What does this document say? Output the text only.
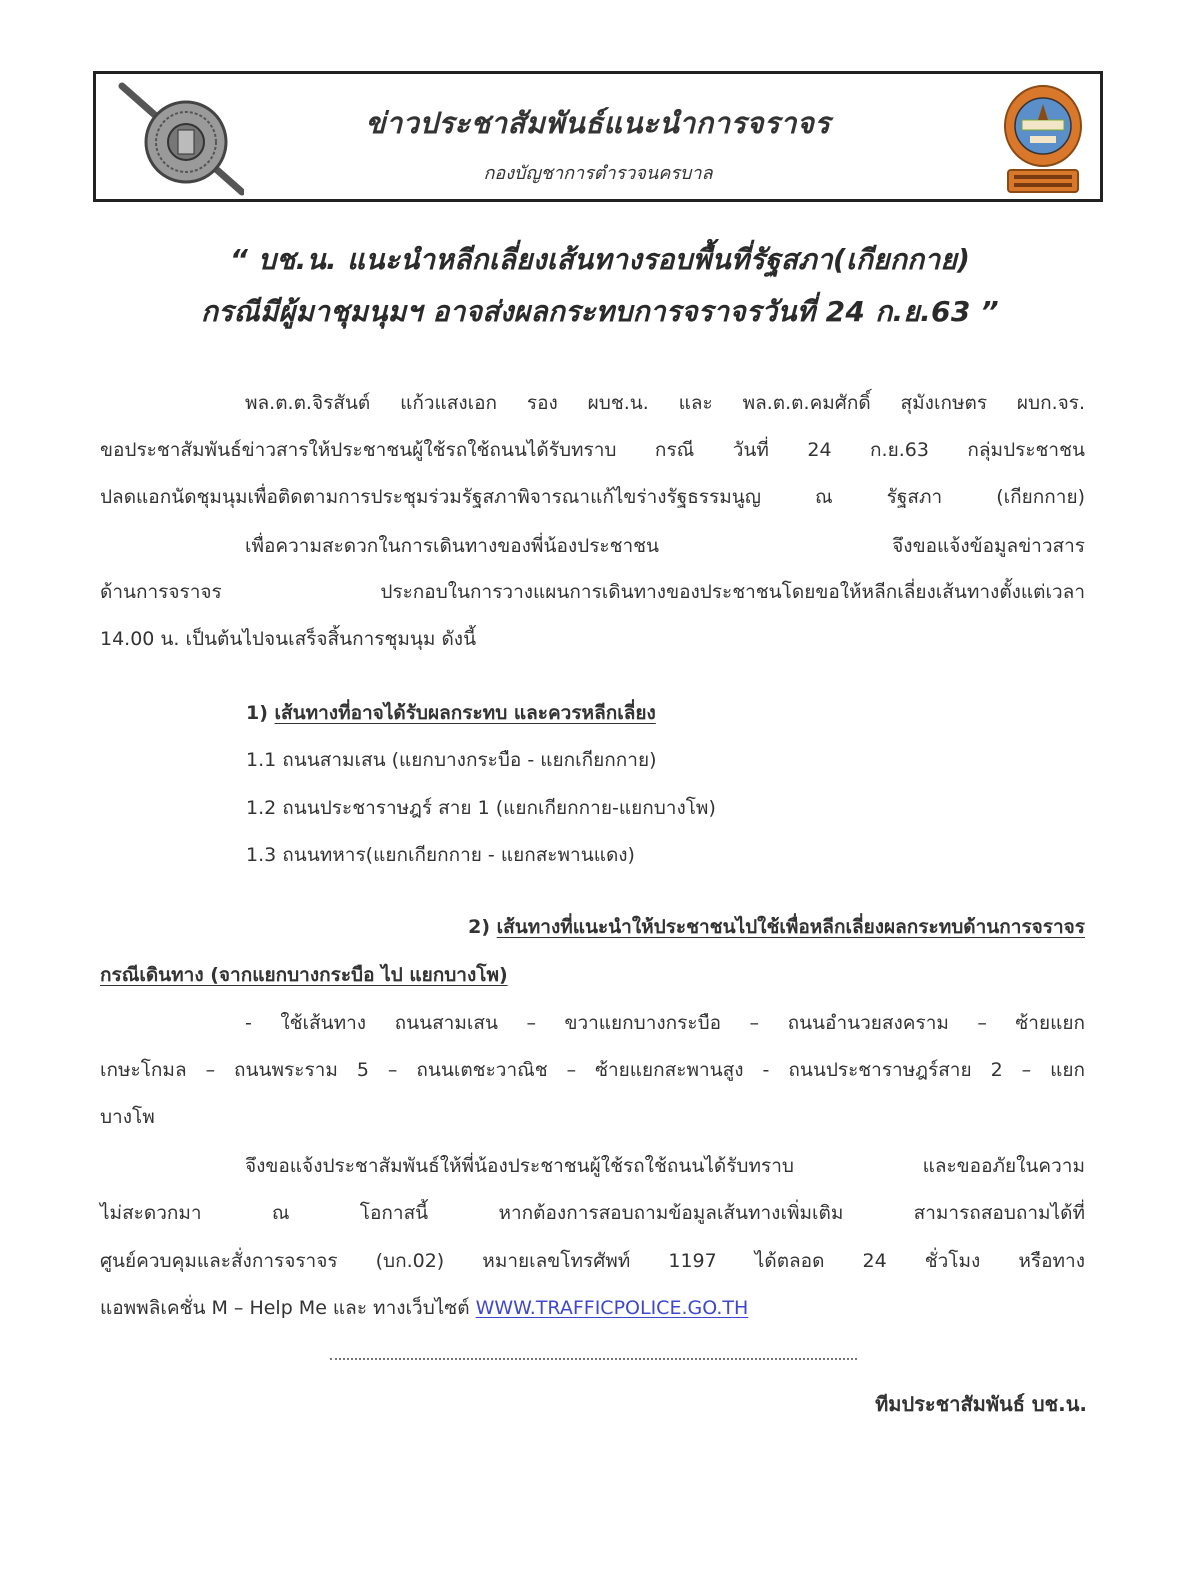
ข่าวประชาสัมพันธ์แนะนำการจราจร
กองบัญชาการตำรวจนครบาล
“ บช.น. แนะนำหลีกเลี่ยงเส้นทางรอบพื้นที่รัฐสภา(เกียกกาย)
กรณีมีผู้มาชุมนุมฯ อาจส่งผลกระทบการจราจรวันที่ 24 ก.ย.63 ”
พล.ต.ต.จิรสันต์ แก้วแสงเอก รอง ผบช.น. และ พล.ต.ต.คมศักดิ์ สุมังเกษตร ผบก.จร.
ขอประชาสัมพันธ์ข่าวสารให้ประชาชนผู้ใช้รถใช้ถนนได้รับทราบ กรณี วันที่ 24 ก.ย.63 กลุ่มประชาชน
ปลดแอกนัดชุมนุมเพื่อติดตามการประชุมร่วมรัฐสภาพิจารณาแก้ไขร่างรัฐธรรมนูญ ณ รัฐสภา (เกียกกาย)
เพื่อความสะดวกในการเดินทางของพี่น้องประชาชน จึงขอแจ้งข้อมูลข่าวสาร
ด้านการจราจร ประกอบในการวางแผนการเดินทางของประชาชนโดยขอให้หลีกเลี่ยงเส้นทางตั้งแต่เวลา
14.00 น. เป็นต้นไปจนเสร็จสิ้นการชุมนุม ดังนี้
1) เส้นทางที่อาจได้รับผลกระทบ และควรหลีกเลี่ยง
1.1 ถนนสามเสน (แยกบางกระบือ - แยกเกียกกาย)
1.2 ถนนประชาราษฎร์ สาย 1 (แยกเกียกกาย-แยกบางโพ)
1.3 ถนนทหาร(แยกเกียกกาย - แยกสะพานแดง)
2) เส้นทางที่แนะนำให้ประชาชนไปใช้เพื่อหลีกเลี่ยงผลกระทบด้านการจราจร
กรณีเดินทาง (จากแยกบางกระบือ ไป แยกบางโพ)
- ใช้เส้นทาง ถนนสามเสน – ขวาแยกบางกระบือ – ถนนอำนวยสงคราม – ซ้ายแยก
เกษะโกมล – ถนนพระราม 5 – ถนนเตชะวาณิช – ซ้ายแยกสะพานสูง - ถนนประชาราษฎร์สาย 2 – แยก
บางโพ
จึงขอแจ้งประชาสัมพันธ์ให้พี่น้องประชาชนผู้ใช้รถใช้ถนนได้รับทราบ และขออภัยในความ
ไม่สะดวกมา ณ โอกาสนี้ หากต้องการสอบถามข้อมูลเส้นทางเพิ่มเติม สามารถสอบถามได้ที่
ศูนย์ควบคุมและสั่งการจราจร (บก.02) หมายเลขโทรศัพท์ 1197 ได้ตลอด 24 ชั่วโมง หรือทาง
แอพพลิเคชั่น M – Help Me และ ทางเว็บไซต์ WWW.TRAFFICPOLICE.GO.TH
ทีมประชาสัมพันธ์ บช.น.
